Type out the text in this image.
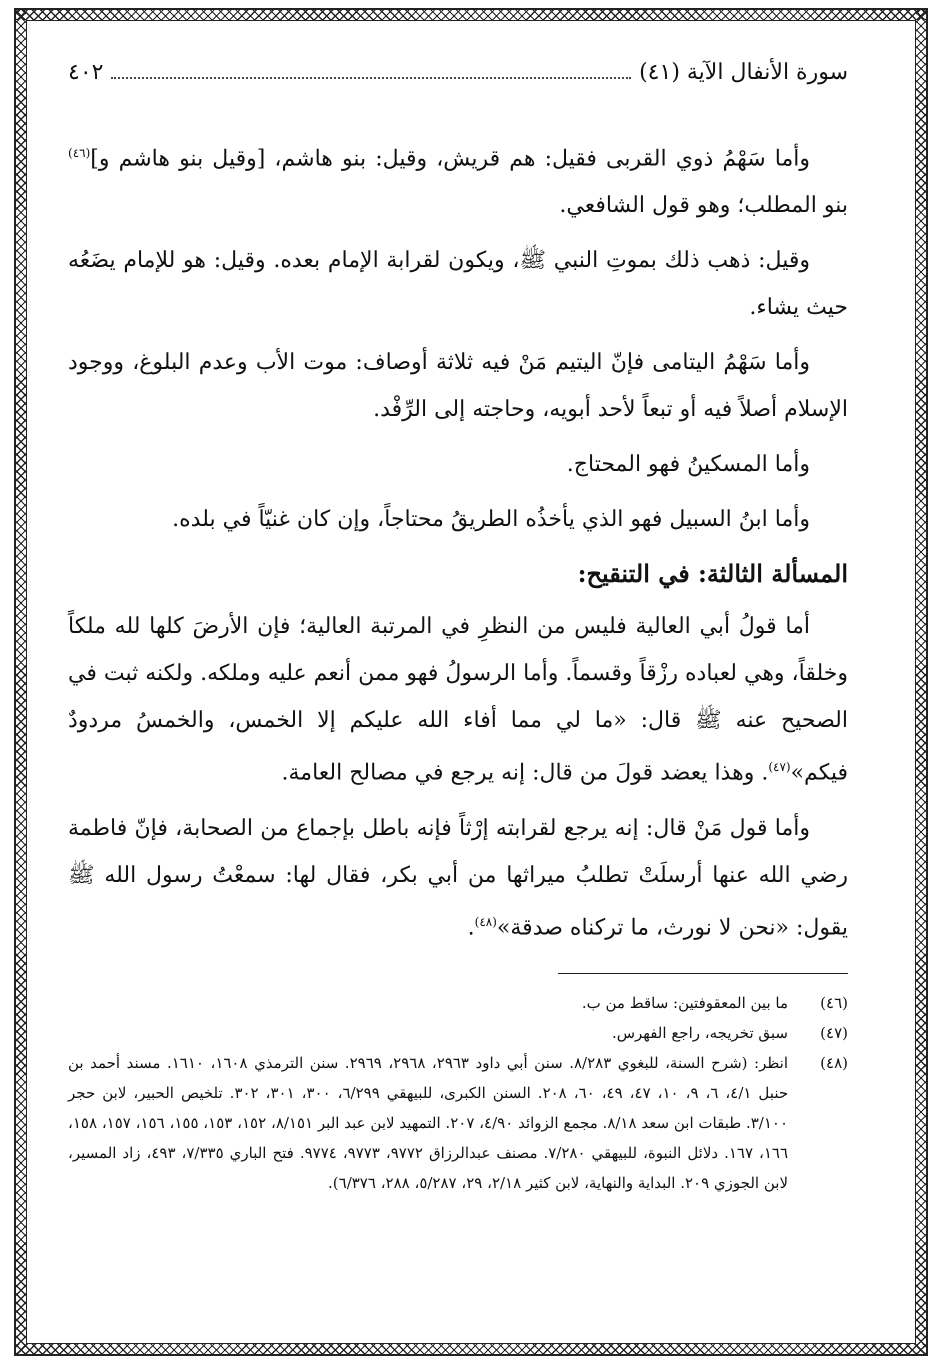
سورة الأنفال الآية (٤١)
٤٠٢

وأما سَهْمُ ذوي القربى فقيل: هم قريش، وقيل: بنو هاشم، [وقيل بنو هاشم و]$^{(٤٦)}$ بنو المطلب؛ وهو قول الشافعي.

وقيل: ذهب ذلك بموتِ النبي ﷺ، ويكون لقرابة الإمام بعده. وقيل: هو للإمام يضَعُه حيث يشاء.

وأما سَهْمُ اليتامى فإنّ اليتيم مَنْ فيه ثلاثة أوصاف: موت الأب وعدم البلوغ، ووجود الإسلام أصلاً فيه أو تبعاً لأحد أبويه، وحاجته إلى الرِّفْد.

وأما المسكينُ فهو المحتاج.

وأما ابنُ السبيل فهو الذي يأخذُه الطريقُ محتاجاً، وإن كان غنيّاً في بلده.

المسألة الثالثة: في التنقيح:

أما قولُ أبي العالية فليس من النظرِ في المرتبة العالية؛ فإن الأرضَ كلها لله ملكاً وخلقاً، وهي لعباده رزْقاً وقسماً. وأما الرسولُ فهو ممن أنعم عليه وملكه. ولكنه ثبت في الصحيح عنه ﷺ قال: «ما لي مما أفاء الله عليكم إلا الخمس، والخمسُ مردودٌ فيكم»$^{(٤٧)}$. وهذا يعضد قولَ من قال: إنه يرجع في مصالح العامة.

وأما قول مَنْ قال: إنه يرجع لقرابته إرْثاً فإنه باطل بإجماع من الصحابة، فإنّ فاطمة رضي الله عنها أرسلَتْ تطلبُ ميراثها من أبي بكر، فقال لها: سمعْتُ رسول الله ﷺ يقول: «نحن لا نورث، ما تركناه صدقة»$^{(٤٨)}$.

(٤٦)
ما بين المعقوفتين: ساقط من ب.
(٤٧)
سبق تخريجه، راجع الفهرس.
(٤٨)
انظر: (شرح السنة، للبغوي ٨/٢٨٣. سنن أبي داود ٢٩٦٣، ٢٩٦٨، ٢٩٦٩. سنن الترمذي ١٦٠٨، ١٦١٠. مسند أحمد بن حنبل ٤/١، ٦، ٩، ١٠، ٤٧، ٤٩، ٦٠، ٢٠٨. السنن الكبرى، للبيهقي ٦/٢٩٩، ٣٠٠، ٣٠١، ٣٠٢. تلخيص الحبير، لابن حجر ٣/١٠٠. طبقات ابن سعد ٨/١٨. مجمع الزوائد ٤/٩٠، ٢٠٧. التمهيد لابن عبد البر ٨/١٥١، ١٥٢، ١٥٣، ١٥٥، ١٥٦، ١٥٧، ١٥٨، ١٦٦، ١٦٧. دلائل النبوة، للبيهقي ٧/٢٨٠. مصنف عبدالرزاق ٩٧٧٢، ٩٧٧٣، ٩٧٧٤. فتح الباري ٧/٣٣٥، ٤٩٣، زاد المسير، لابن الجوزي ٢٠٩. البداية والنهاية، لابن كثير ٢/١٨، ٢٩، ٥/٢٨٧، ٢٨٨، ٦/٣٧٦).
